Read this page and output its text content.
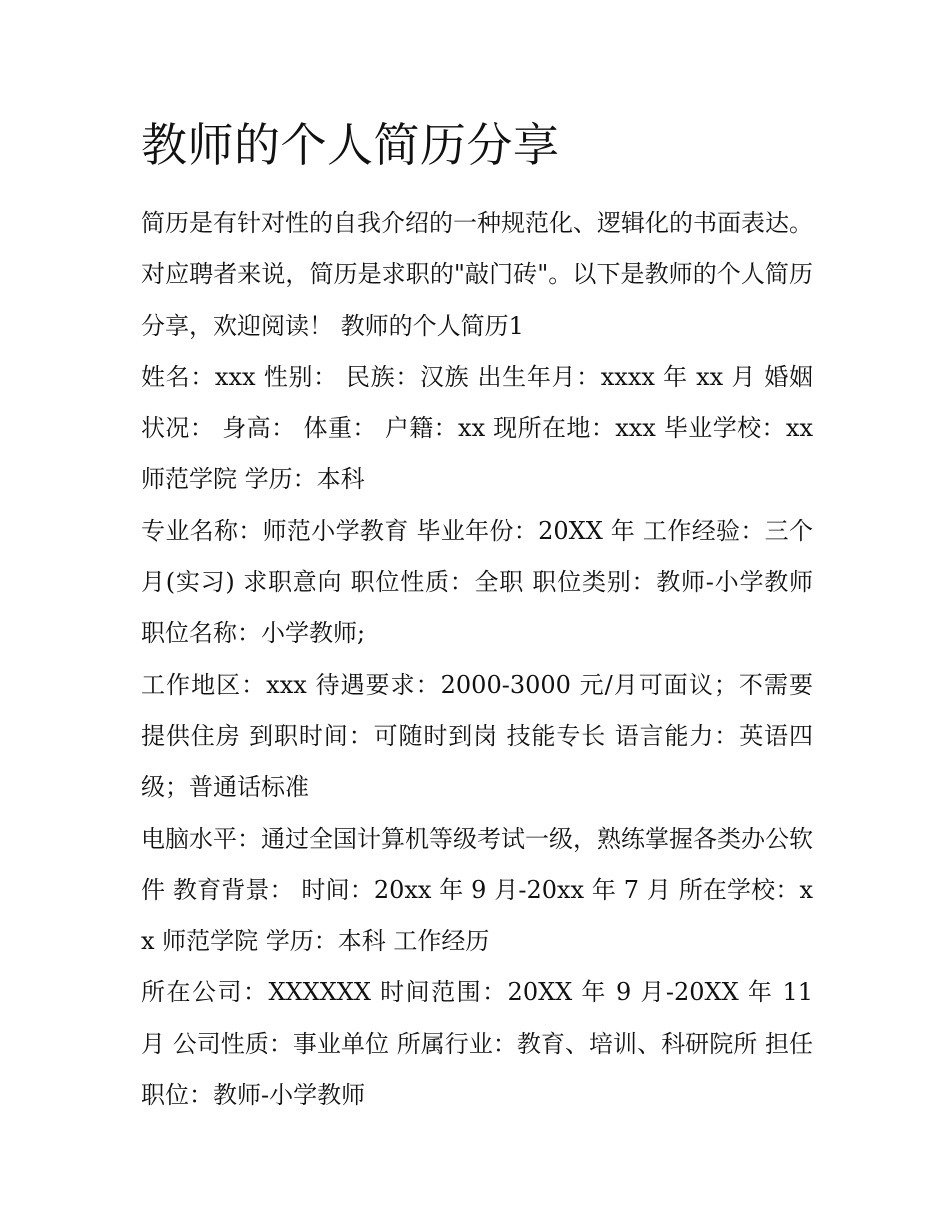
教师的个人简历分享

简历是有针对性的自我介绍的一种规范化、逻辑化的书面表达。对应聘者来说，简历是求职的"敲门砖"。以下是教师的个人简历分享，欢迎阅读！ 教师的个人简历1

姓名：xxx 性别： 民族：汉族 出生年月：xxxx 年 xx 月 婚姻状况： 身高： 体重： 户籍：xx 现所在地：xxx 毕业学校：xx 师范学院 学历：本科

专业名称：师范小学教育 毕业年份：20XX 年 工作经验：三个月(实习) 求职意向 职位性质：全职 职位类别：教师-小学教师 职位名称：小学教师;

工作地区：xxx 待遇要求：2000-3000 元/月可面议；不需要提供住房 到职时间：可随时到岗 技能专长 语言能力：英语四级；普通话标准

电脑水平：通过全国计算机等级考试一级，熟练掌握各类办公软件 教育背景： 时间：20xx 年 9 月-20xx 年 7 月 所在学校：xx 师范学院 学历：本科 工作经历

所在公司：XXXXXX 时间范围：20XX 年 9 月-20XX 年 11 月 公司性质：事业单位 所属行业：教育、培训、科研院所 担任职位：教师-小学教师
